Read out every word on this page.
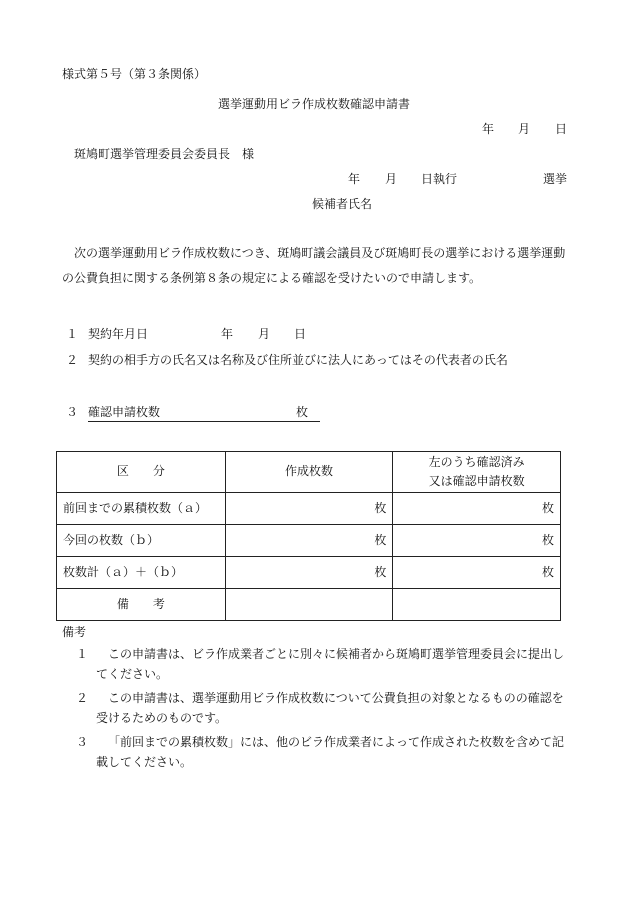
様式第５号（第３条関係）
選挙運動用ビラ作成枚数確認申請書
年 月 日
斑鳩町選挙管理委員会委員長　様
年 月 日執行	選挙
候補者氏名
次の選挙運動用ビラ作成枚数につき、斑鳩町議会議員及び斑鳩町長の選挙における選挙運動
の公費負担に関する条例第８条の規定による確認を受けたいので申請します。
１ 契約年月日	年 月 日
２ 契約の相手方の氏名又は名称及び住所並びに法人にあってはその代表者の氏名
３ 確認申請枚数	枚
区　　分	作成枚数	左のうち確認済み
又は確認申請枚数

前回までの累積枚数（ａ）	枚	枚
今回の枚数（ｂ）	枚	枚
枚数計（ａ）＋（ｂ）	枚	枚
備　　考		
備考
１	この申請書は、ビラ作成業者ごとに別々に候補者から斑鳩町選挙管理委員会に提出し
てください。
２	この申請書は、選挙運動用ビラ作成枚数について公費負担の対象となるものの確認を
受けるためのものです。
３	「前回までの累積枚数」には、他のビラ作成業者によって作成された枚数を含めて記
載してください。
